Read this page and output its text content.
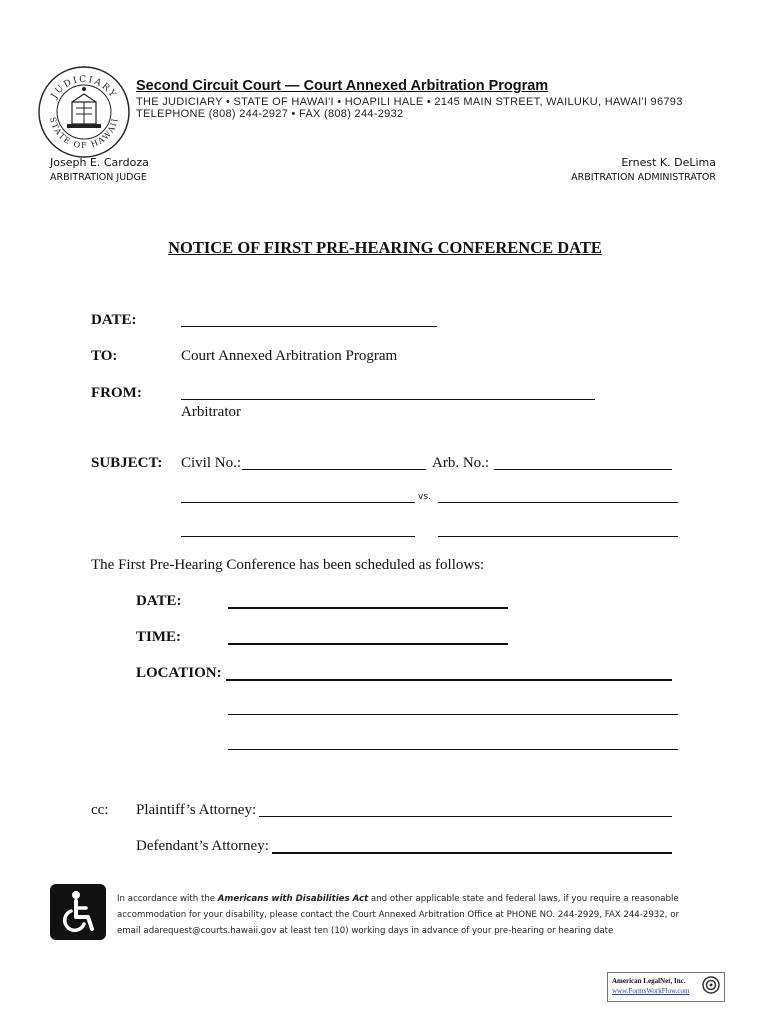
JUDICIARY
STATE OF HAWAII
Second Circuit Court — Court Annexed Arbitration Program
THE JUDICIARY • STATE OF HAWAI'I • HOAPILI HALE • 2145 MAIN STREET, WAILUKU, HAWAI'I 96793
TELEPHONE (808) 244-2927 • FAX (808) 244-2932
Joseph E. Cardoza
ARBITRATION JUDGE
Ernest K. DeLima
ARBITRATION ADMINISTRATOR
NOTICE OF FIRST PRE-HEARING CONFERENCE DATE
DATE:
TO:	Court Annexed Arbitration Program
FROM:
Arbitrator
SUBJECT: Civil No.:	Arb. No.:
vs.
The First Pre-Hearing Conference has been scheduled as follows:
DATE:
TIME:
LOCATION:
cc: Plaintiff’s Attorney:
Defendant’s Attorney:
In accordance with the Americans with Disabilities Act and other applicable state and federal laws, if you require a reasonable
accommodation for your disability, please contact the Court Annexed Arbitration Office at PHONE NO. 244-2929, FAX 244-2932, or
email adarequest@courts.hawaii.gov at least ten (10) working days in advance of your pre-hearing or hearing date
American LegalNet, Inc.
www.FormsWorkFlow.com
